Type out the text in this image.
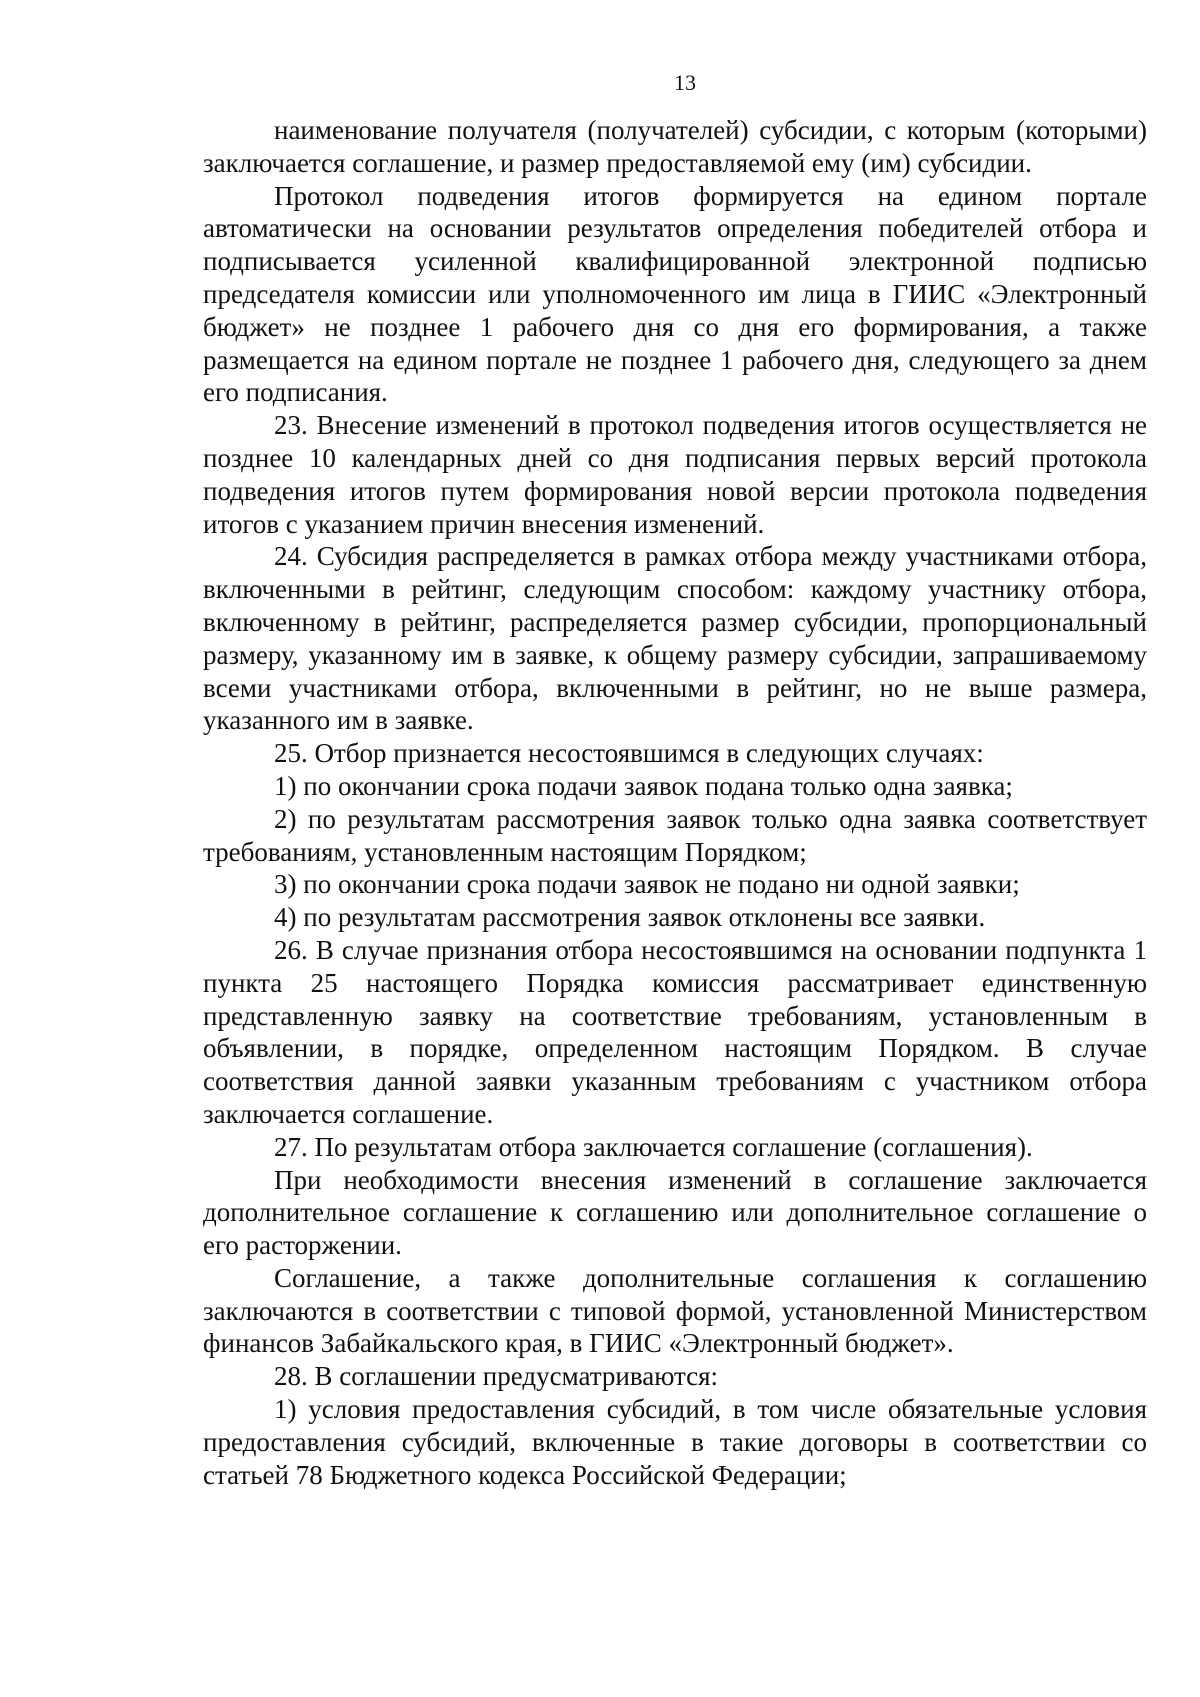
13

наименование получателя (получателей) субсидии, с которым (которыми) заключается соглашение, и размер предоставляемой ему (им) субсидии.

Протокол подведения итогов формируется на едином портале автоматически на основании результатов определения победителей отбора и подписывается усиленной квалифицированной электронной подписью председателя комиссии или уполномоченного им лица в ГИИС «Электронный бюджет» не позднее 1 рабочего дня со дня его формирования, а также размещается на едином портале не позднее 1 рабочего дня, следующего за днем его подписания.

23. Внесение изменений в протокол подведения итогов осуществляется не позднее 10 календарных дней со дня подписания первых версий протокола подведения итогов путем формирования новой версии протокола подведения итогов с указанием причин внесения изменений.

24. Субсидия распределяется в рамках отбора между участниками отбора, включенными в рейтинг, следующим способом: каждому участнику отбора, включенному в рейтинг, распределяется размер субсидии, пропорциональный размеру, указанному им в заявке, к общему размеру субсидии, запрашиваемому всеми участниками отбора, включенными в рейтинг, но не выше размера, указанного им в заявке.

25. Отбор признается несостоявшимся в следующих случаях:

1) по окончании срока подачи заявок подана только одна заявка;

2) по результатам рассмотрения заявок только одна заявка соответствует требованиям, установленным настоящим Порядком;

3) по окончании срока подачи заявок не подано ни одной заявки;

4) по результатам рассмотрения заявок отклонены все заявки.

26. В случае признания отбора несостоявшимся на основании подпункта 1 пункта 25 настоящего Порядка комиссия рассматривает единственную представленную заявку на соответствие требованиям, установленным в объявлении, в порядке, определенном настоящим Порядком. В случае соответствия данной заявки указанным требованиям с участником отбора заключается соглашение.

27. По результатам отбора заключается соглашение (соглашения).

При необходимости внесения изменений в соглашение заключается дополнительное соглашение к соглашению или дополнительное соглашение о его расторжении.

Соглашение, а также дополнительные соглашения к соглашению заключаются в соответствии с типовой формой, установленной Министерством финансов Забайкальского края, в ГИИС «Электронный бюджет».

28. В соглашении предусматриваются:

1) условия предоставления субсидий, в том числе обязательные условия предоставления субсидий, включенные в такие договоры в соответствии со статьей 78 Бюджетного кодекса Российской Федерации;
